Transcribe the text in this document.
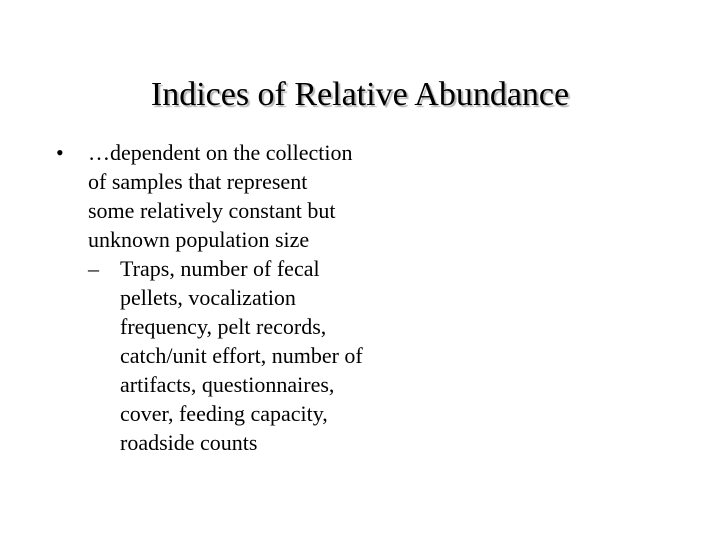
Indices of Relative Abundance
• …dependent on the collection of samples that represent some relatively constant but unknown population size
– Traps, number of fecal pellets, vocalization frequency, pelt records, catch/unit effort, number of artifacts, questionnaires, cover, feeding capacity, roadside counts
